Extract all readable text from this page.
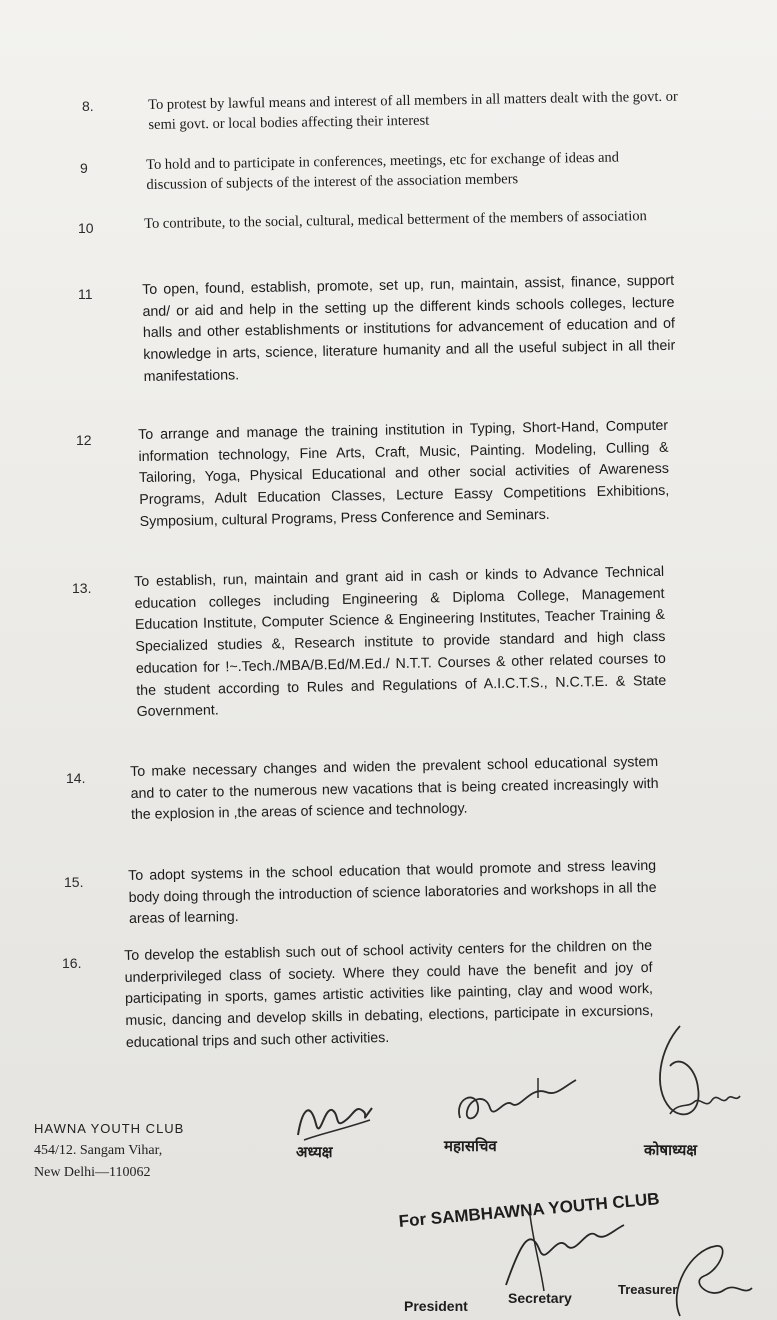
8.	To protest by lawful means and interest of all members in all matters dealt with the govt. or semi govt. or local bodies affecting their interest
9	To hold and to participate in conferences, meetings, etc for exchange of ideas and discussion of subjects of the interest of the association members
10	To contribute, to the social, cultural, medical betterment of the members of association
11	To open, found, establish, promote, set up, run, maintain, assist, finance, support and/ or aid and help in the setting up the different kinds schools colleges, lecture halls and other establishments or institutions for advancement of education and of knowledge in arts, science, literature humanity and all the useful subject in all their manifestations.
12	To arrange and manage the training institution in Typing, Short-Hand, Computer information technology, Fine Arts, Craft, Music, Painting. Modeling, Culling & Tailoring, Yoga, Physical Educational and other social activities of Awareness Programs, Adult Education Classes, Lecture Eassy Competitions Exhibitions, Symposium, cultural Programs, Press Conference and Seminars.
13.	To establish, run, maintain and grant aid in cash or kinds to Advance Technical education colleges including Engineering & Diploma College, Management Education Institute, Computer Science & Engineering Institutes, Teacher Training & Specialized studies &, Research institute to provide standard and high class education for !~.Tech./MBA/B.Ed/M.Ed./ N.T.T. Courses & other related courses to the student according to Rules and Regulations of A.I.C.T.S., N.C.T.E. & State Government.
14.	To make necessary changes and widen the prevalent school educational system and to cater to the numerous new vacations that is being created increasingly with the explosion in ,the areas of science and technology.
15.	To adopt systems in the school education that would promote and stress leaving body doing through the introduction of science laboratories and workshops in all the areas of learning.
16.	To develop the establish such out of school activity centers for the children on the underprivileged class of society. Where they could have the benefit and joy of participating in sports, games artistic activities like painting, clay and wood work, music, dancing and develop skills in debating, elections, participate in excursions, educational trips and such other activities.
HAWNA YOUTH CLUB
454/12. Sangam Vihar,
New Delhi—110062
अध्यक्ष	महासचिव	कोषाध्यक्ष
For SAMBHAWNA YOUTH CLUB
President	Secretary
Treasurer
